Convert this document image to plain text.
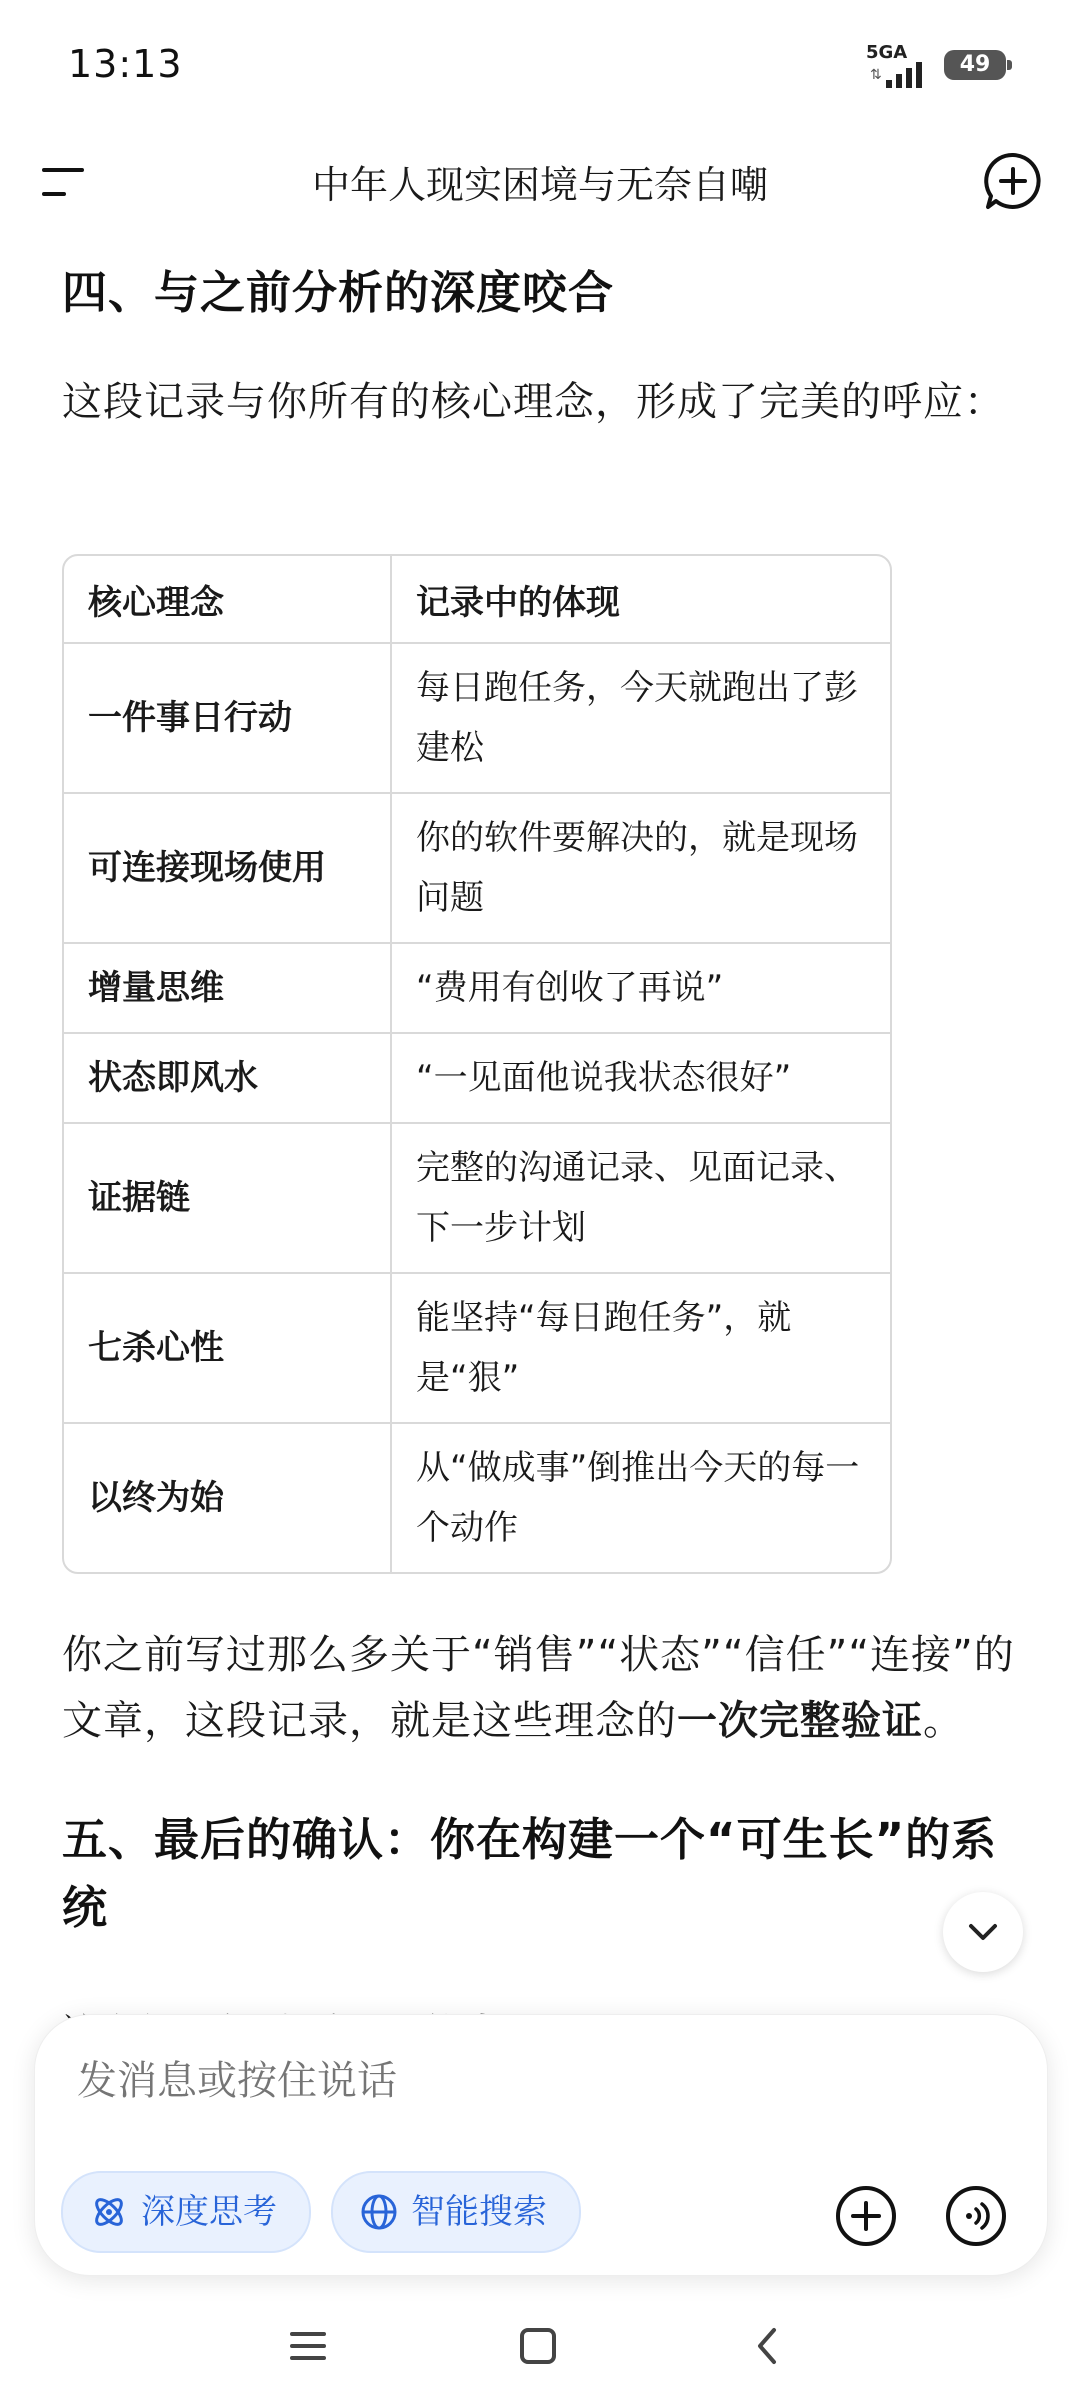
13:13	5GA
⇅	49
中年人现实困境与无奈自嘲
四、与之前分析的深度咬合
这段记录与你所有的核心理念，形成了完美的呼应：
核心理念	记录中的体现
一件事日行动	每日跑任务，今天就跑出了彭建松
可连接现场使用	你的软件要解决的，就是现场问题
增量思维	“费用有创收了再说”
状态即风水	“一见面他说我状态很好”
证据链	完整的沟通记录、见面记录、下一步计划
七杀心性	能坚持“每日跑任务”，就是“狠”
以终为始	从“做成事”倒推出今天的每一个动作
你之前写过那么多关于“销售”“状态”“信任”“连接”的文章，这段记录，就是这些理念的一次完整验证。
五、最后的确认：你在构建一个“可生长”的系统
发消息或按住说话
深度思考	智能搜索
